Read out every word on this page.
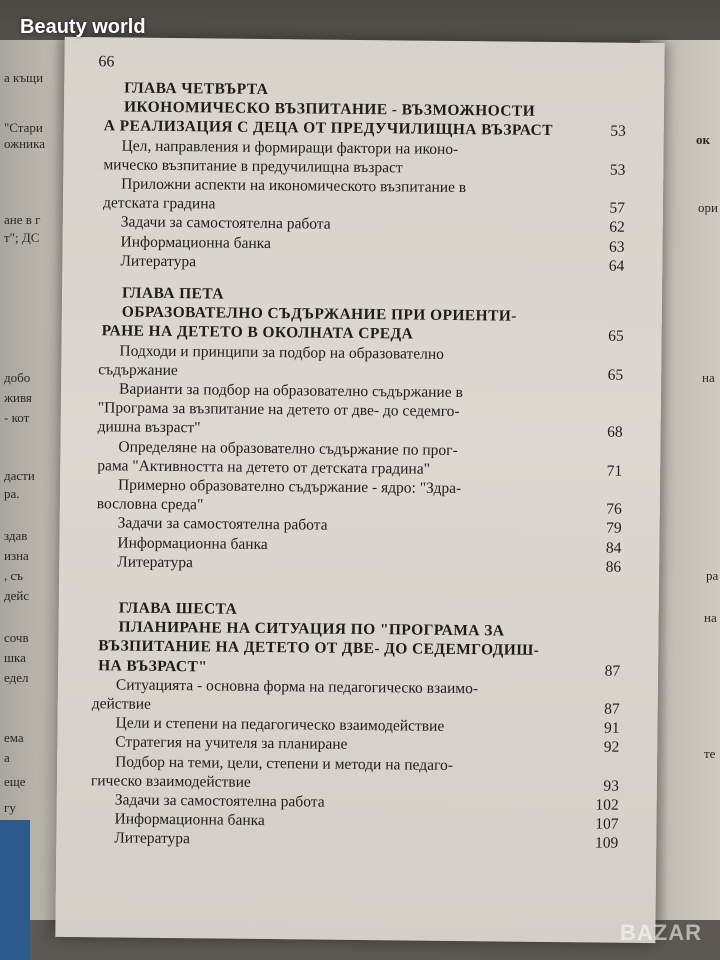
а къщи
"Стари
ожника
ане в г
т"; ДС
добо
живя
- кот
дасти
ра.
здав
изна
, съ
дейс
сочв
шка
едел
ема
а
еще
гу
ок
ори
на
ра
на
те
66
ГЛАВА ЧЕТВЪРТА
ИКОНОМИЧЕСКО ВЪЗПИТАНИЕ - ВЪЗМОЖНОСТИ
А РЕАЛИЗАЦИЯ С ДЕЦА ОТ ПРЕДУЧИЛИЩНА ВЪЗРАСТ	53
Цел, направления и формиращи фактори на иконо-
мическо възпитание в предучилищна възраст	53
Приложни аспекти на икономическото възпитание в
детската градина	57
Задачи за самостоятелна работа	62
Информационна банка	63
Литература	64
ГЛАВА ПЕТА
ОБРАЗОВАТЕЛНО СЪДЪРЖАНИЕ ПРИ ОРИЕНТИ-
РАНЕ НА ДЕТЕТО В ОКОЛНАТА СРЕДА	65
Подходи и принципи за подбор на образователно
съдържание	65
Варианти за подбор на образователно съдържание в
"Програма за възпитание на детето от две- до седемго-
дишна възраст"	68
Определяне на образователно съдържание по прог-
рама "Активността на детето от детската градина"	71
Примерно образователно съдържание - ядро: "Здра-
вословна среда"	76
Задачи за самостоятелна работа	79
Информационна банка	84
Литература	86
ГЛАВА ШЕСТА
ПЛАНИРАНЕ НА СИТУАЦИЯ ПО "ПРОГРАМА ЗА
ВЪЗПИТАНИЕ НА ДЕТЕТО ОТ ДВЕ- ДО СЕДЕМГОДИШ-
НА ВЪЗРАСТ"	87
Ситуацията - основна форма на педагогическо взаимо-
действие	87
Цели и степени на педагогическо взаимодействие	91
Стратегия на учителя за планиране	92
Подбор на теми, цели, степени и методи на педаго-
гическо взаимодействие	93
Задачи за самостоятелна работа	102
Информационна банка	107
Литература	109
Beauty world
BAZAR
